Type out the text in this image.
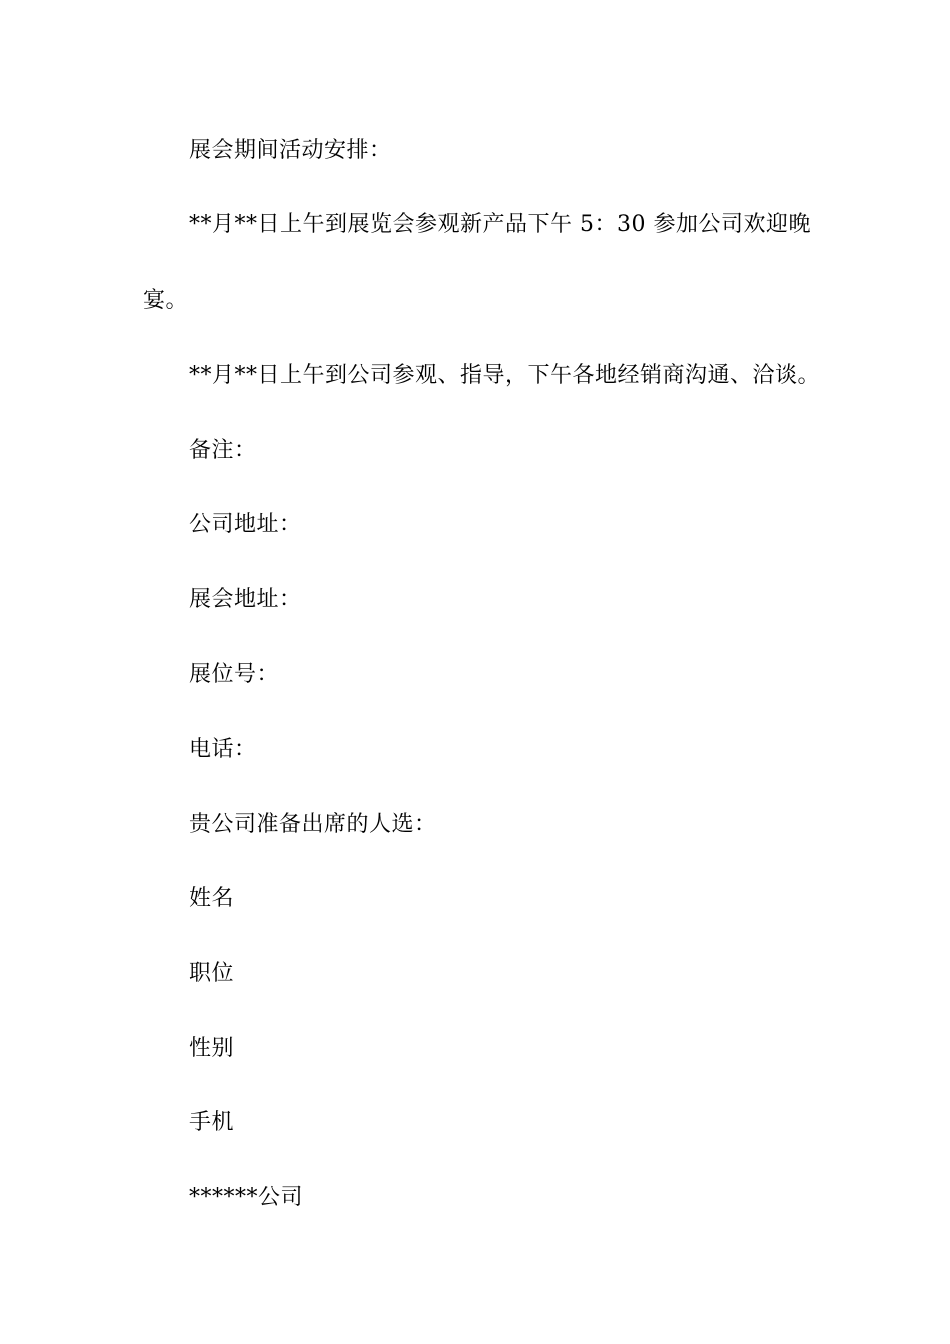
展会期间活动安排：
**月**日上午到展览会参观新产品下午 5：30 参加公司欢迎晚
宴。
**月**日上午到公司参观、指导，下午各地经销商沟通、洽谈。
备注：
公司地址：
展会地址：
展位号：
电话：
贵公司准备出席的人选：
姓名
职位
性别
手机
******公司
